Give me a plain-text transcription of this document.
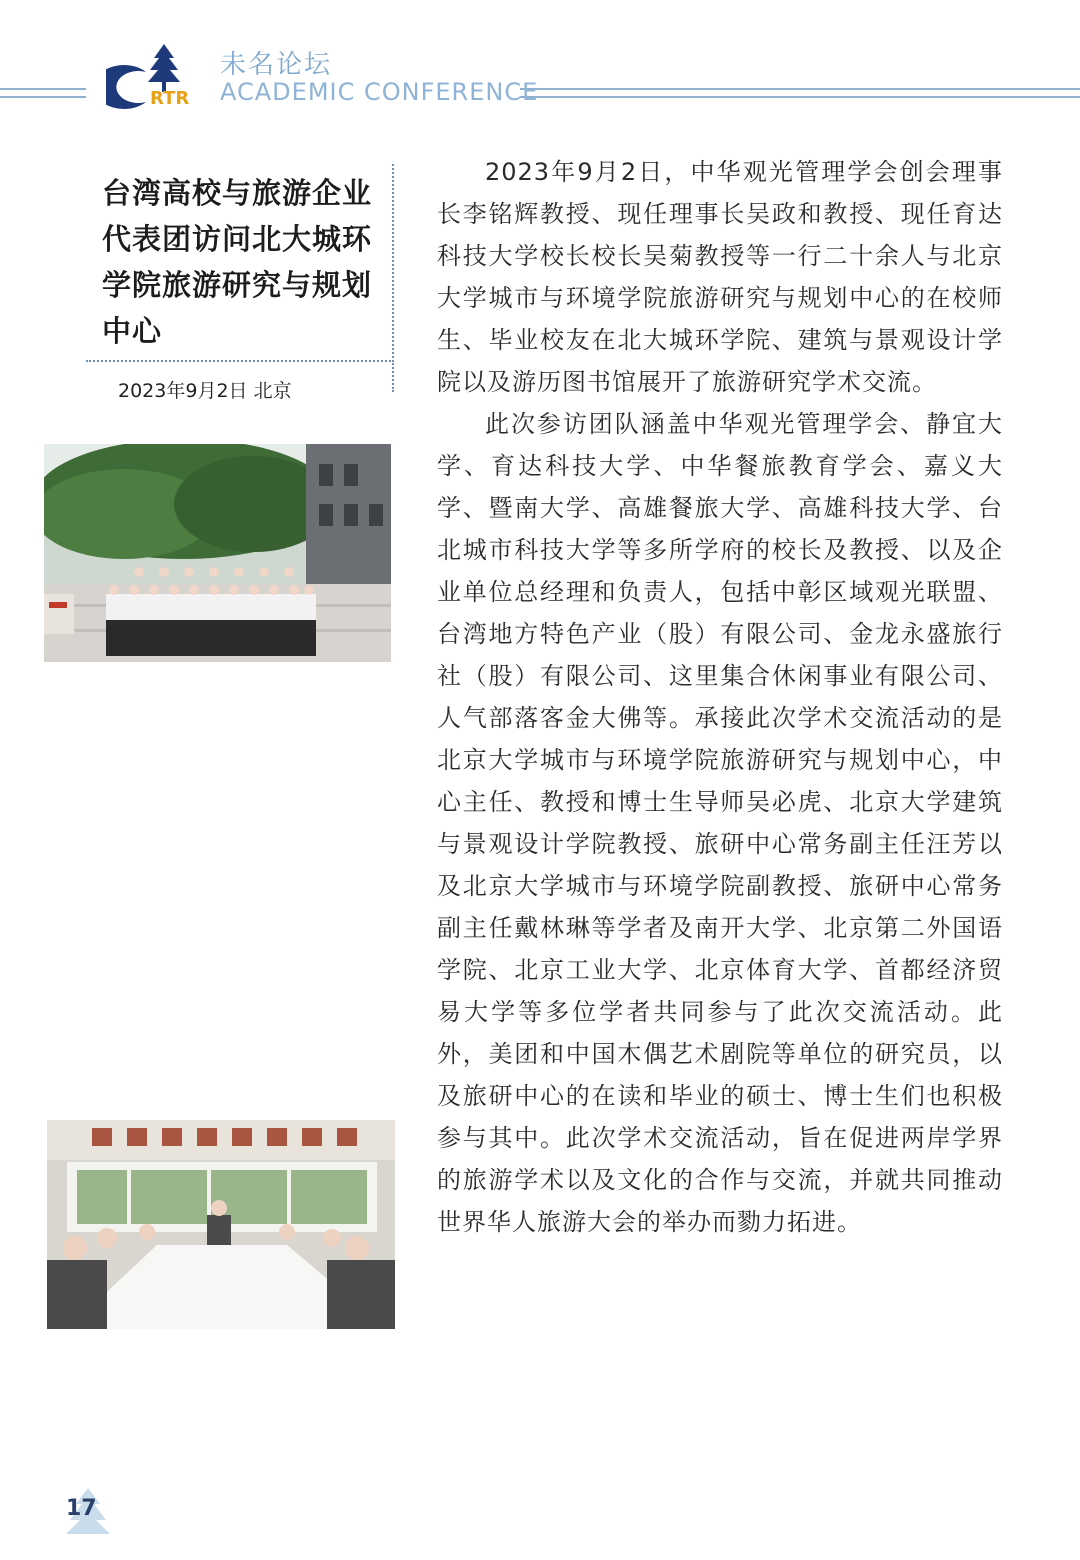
RTR
未名论坛
ACADEMIC CONFERENCE
台湾高校与旅游企业代表团访问北大城环学院旅游研究与规划中心
2023年9月2日 北京

2023年9月2日，中华观光管理学会创会理事长李铭辉教授、现任理事长吴政和教授、现任育达科技大学校长校长吴菊教授等一行二十余人与北京大学城市与环境学院旅游研究与规划中心的在校师生、毕业校友在北大城环学院、建筑与景观设计学院以及游历图书馆展开了旅游研究学术交流。

此次参访团队涵盖中华观光管理学会、静宜大学、育达科技大学、中华餐旅教育学会、嘉义大学、暨南大学、高雄餐旅大学、高雄科技大学、台北城市科技大学等多所学府的校长及教授、以及企业单位总经理和负责人，包括中彰区域观光联盟、台湾地方特色产业（股）有限公司、金龙永盛旅行社（股）有限公司、这里集合休闲事业有限公司、人气部落客金大佛等。承接此次学术交流活动的是北京大学城市与环境学院旅游研究与规划中心，中心主任、教授和博士生导师吴必虎、北京大学建筑与景观设计学院教授、旅研中心常务副主任汪芳以及北京大学城市与环境学院副教授、旅研中心常务副主任戴林琳等学者及南开大学、北京第二外国语学院、北京工业大学、北京体育大学、首都经济贸易大学等多位学者共同参与了此次交流活动。此外，美团和中国木偶艺术剧院等单位的研究员，以及旅研中心的在读和毕业的硕士、博士生们也积极参与其中。此次学术交流活动，旨在促进两岸学界的旅游学术以及文化的合作与交流，并就共同推动世界华人旅游大会的举办而勠力拓进。

17
